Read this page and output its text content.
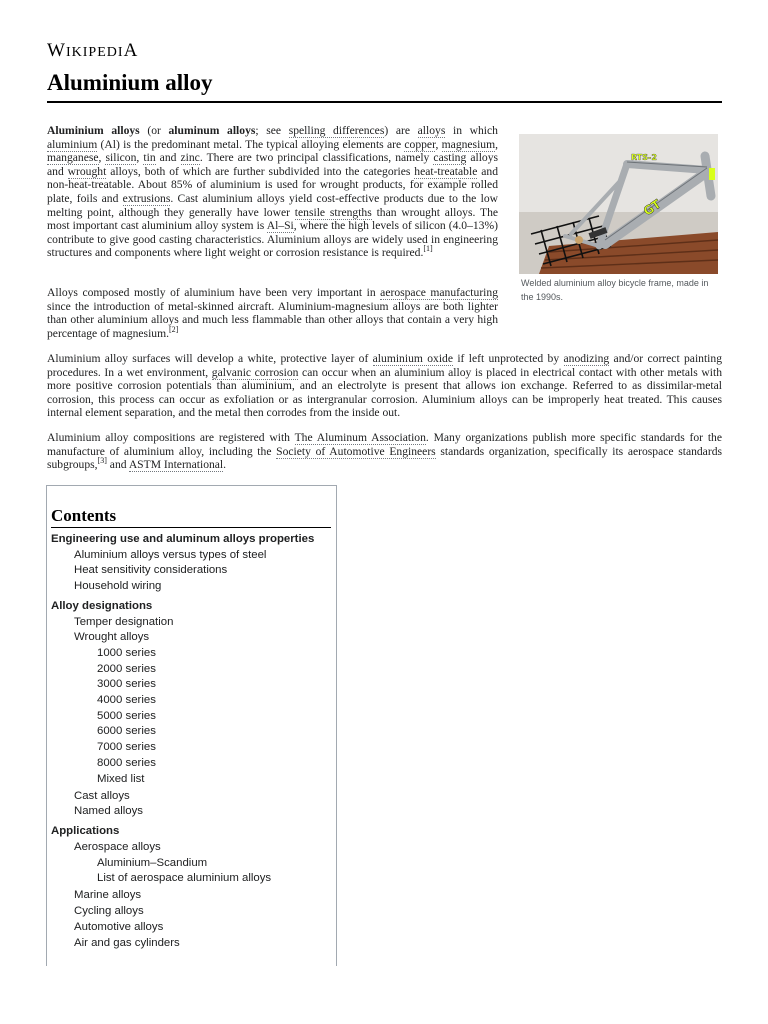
WIKIPEDIA
Aluminium alloy

Aluminium alloys (or aluminum alloys; see spelling differences) are alloys in which aluminium (Al) is the predominant metal. The typical alloying elements are copper, magnesium, manganese, silicon, tin and zinc. There are two principal classifications, namely casting alloys and wrought alloys, both of which are further subdivided into the categories heat-treatable and non-heat-treatable. About 85% of aluminium is used for wrought products, for example rolled plate, foils and extrusions. Cast aluminium alloys yield cost-effective products due to the low melting point, although they generally have lower tensile strengths than wrought alloys. The most important cast aluminium alloy system is Al–Si, where the high levels of silicon (4.0–13%) contribute to give good casting characteristics. Aluminium alloys are widely used in engineering structures and components where light weight or corrosion resistance is required.[1]

Alloys composed mostly of aluminium have been very important in aerospace manufacturing since the introduction of metal-skinned aircraft. Aluminium-magnesium alloys are both lighter than other aluminium alloys and much less flammable than other alloys that contain a very high percentage of magnesium.[2]

Aluminium alloy surfaces will develop a white, protective layer of aluminium oxide if left unprotected by anodizing and/or correct painting procedures. In a wet environment, galvanic corrosion can occur when an aluminium alloy is placed in electrical contact with other metals with more positive corrosion potentials than aluminium, and an electrolyte is present that allows ion exchange. Referred to as dissimilar-metal corrosion, this process can occur as exfoliation or as intergranular corrosion. Aluminium alloys can be improperly heat treated. This causes internal element separation, and the metal then corrodes from the inside out.

Aluminium alloy compositions are registered with The Aluminum Association. Many organizations publish more specific standards for the manufacture of aluminium alloy, including the Society of Automotive Engineers standards organization, specifically its aerospace standards subgroups,[3] and ASTM International.

RTS-2
GT
Welded aluminium alloy bicycle frame, made in the 1990s.
Contents
Engineering use and aluminum alloys properties
Aluminium alloys versus types of steel
Heat sensitivity considerations
Household wiring
Alloy designations
Temper designation
Wrought alloys
1000 series
2000 series
3000 series
4000 series
5000 series
6000 series
7000 series
8000 series
Mixed list
Cast alloys
Named alloys
Applications
Aerospace alloys
Aluminium–Scandium
List of aerospace aluminium alloys
Marine alloys
Cycling alloys
Automotive alloys
Air and gas cylinders
